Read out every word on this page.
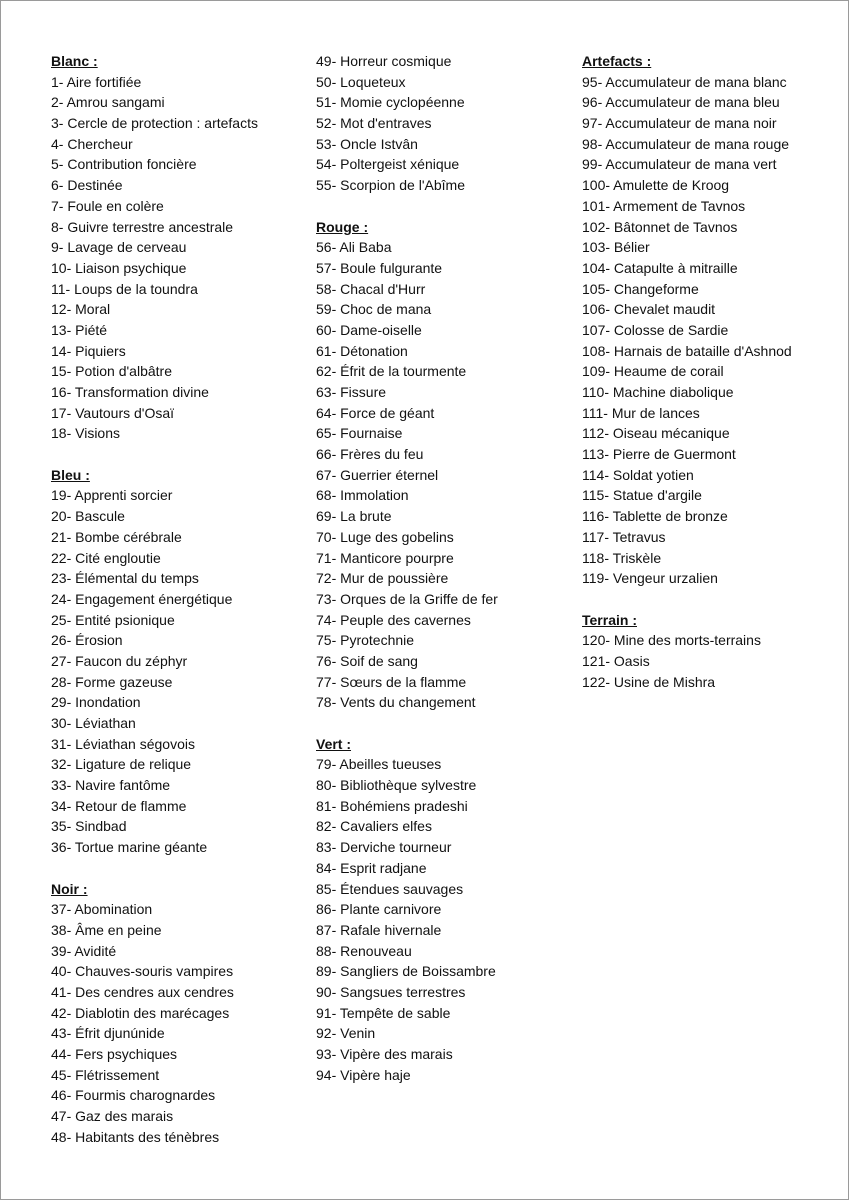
Blanc :
1- Aire fortifiée
2- Amrou sangami
3- Cercle de protection : artefacts
4- Chercheur
5- Contribution foncière
6- Destinée
7- Foule en colère
8- Guivre terrestre ancestrale
9- Lavage de cerveau
10- Liaison psychique
11- Loups de la toundra
12- Moral
13- Piété
14- Piquiers
15- Potion d'albâtre
16- Transformation divine
17- Vautours d'Osaï
18- Visions
Bleu :
19- Apprenti sorcier
20- Bascule
21- Bombe cérébrale
22- Cité engloutie
23- Élémental du temps
24- Engagement énergétique
25- Entité psionique
26- Érosion
27- Faucon du zéphyr
28- Forme gazeuse
29- Inondation
30- Léviathan
31- Léviathan ségovois
32- Ligature de relique
33- Navire fantôme
34- Retour de flamme
35- Sindbad
36- Tortue marine géante
Noir :
37- Abomination
38- Âme en peine
39- Avidité
40- Chauves-souris vampires
41- Des cendres aux cendres
42- Diablotin des marécages
43- Éfrit djunúnide
44- Fers psychiques
45- Flétrissement
46- Fourmis charognardes
47- Gaz des marais
48- Habitants des ténèbres
49- Horreur cosmique
50- Loqueteux
51- Momie cyclopéenne
52- Mot d'entraves
53- Oncle Istvân
54- Poltergeist xénique
55- Scorpion de l'Abîme
Rouge :
56- Ali Baba
57- Boule fulgurante
58- Chacal d'Hurr
59- Choc de mana
60- Dame-oiselle
61- Détonation
62- Éfrit de la tourmente
63- Fissure
64- Force de géant
65- Fournaise
66- Frères du feu
67- Guerrier éternel
68- Immolation
69- La brute
70- Luge des gobelins
71- Manticore pourpre
72- Mur de poussière
73- Orques de la Griffe de fer
74- Peuple des cavernes
75- Pyrotechnie
76- Soif de sang
77- Sœurs de la flamme
78- Vents du changement
Vert :
79- Abeilles tueuses
80- Bibliothèque sylvestre
81- Bohémiens pradeshi
82- Cavaliers elfes
83- Derviche tourneur
84- Esprit radjane
85- Étendues sauvages
86- Plante carnivore
87- Rafale hivernale
88- Renouveau
89- Sangliers de Boissambre
90- Sangsues terrestres
91- Tempête de sable
92- Venin
93- Vipère des marais
94- Vipère haje
Artefacts :
95- Accumulateur de mana blanc
96- Accumulateur de mana bleu
97- Accumulateur de mana noir
98- Accumulateur de mana rouge
99- Accumulateur de mana vert
100- Amulette de Kroog
101- Armement de Tavnos
102- Bâtonnet de Tavnos
103- Bélier
104- Catapulte à mitraille
105- Changeforme
106- Chevalet maudit
107- Colosse de Sardie
108- Harnais de bataille d'Ashnod
109- Heaume de corail
110- Machine diabolique
111- Mur de lances
112- Oiseau mécanique
113- Pierre de Guermont
114- Soldat yotien
115- Statue d'argile
116- Tablette de bronze
117- Tetravus
118- Triskèle
119- Vengeur urzalien
Terrain :
120- Mine des morts-terrains
121- Oasis
122- Usine de Mishra
